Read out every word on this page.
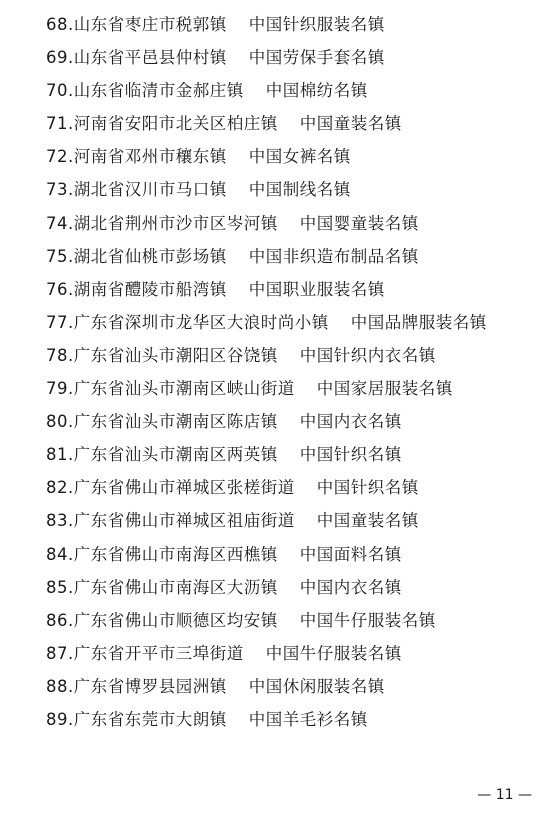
68.山东省枣庄市税郭镇 中国针织服装名镇
69.山东省平邑县仲村镇 中国劳保手套名镇
70.山东省临清市金郝庄镇 中国棉纺名镇
71.河南省安阳市北关区柏庄镇 中国童装名镇
72.河南省邓州市穰东镇 中国女裤名镇
73.湖北省汉川市马口镇 中国制线名镇
74.湖北省荆州市沙市区岑河镇 中国婴童装名镇
75.湖北省仙桃市彭场镇 中国非织造布制品名镇
76.湖南省醴陵市船湾镇 中国职业服装名镇
77.广东省深圳市龙华区大浪时尚小镇 中国品牌服装名镇
78.广东省汕头市潮阳区谷饶镇 中国针织内衣名镇
79.广东省汕头市潮南区峡山街道 中国家居服装名镇
80.广东省汕头市潮南区陈店镇 中国内衣名镇
81.广东省汕头市潮南区两英镇 中国针织名镇
82.广东省佛山市禅城区张槎街道 中国针织名镇
83.广东省佛山市禅城区祖庙街道 中国童装名镇
84.广东省佛山市南海区西樵镇 中国面料名镇
85.广东省佛山市南海区大沥镇 中国内衣名镇
86.广东省佛山市顺德区均安镇 中国牛仔服装名镇
87.广东省开平市三埠街道 中国牛仔服装名镇
88.广东省博罗县园洲镇 中国休闲服装名镇
89.广东省东莞市大朗镇 中国羊毛衫名镇
— 11 —
